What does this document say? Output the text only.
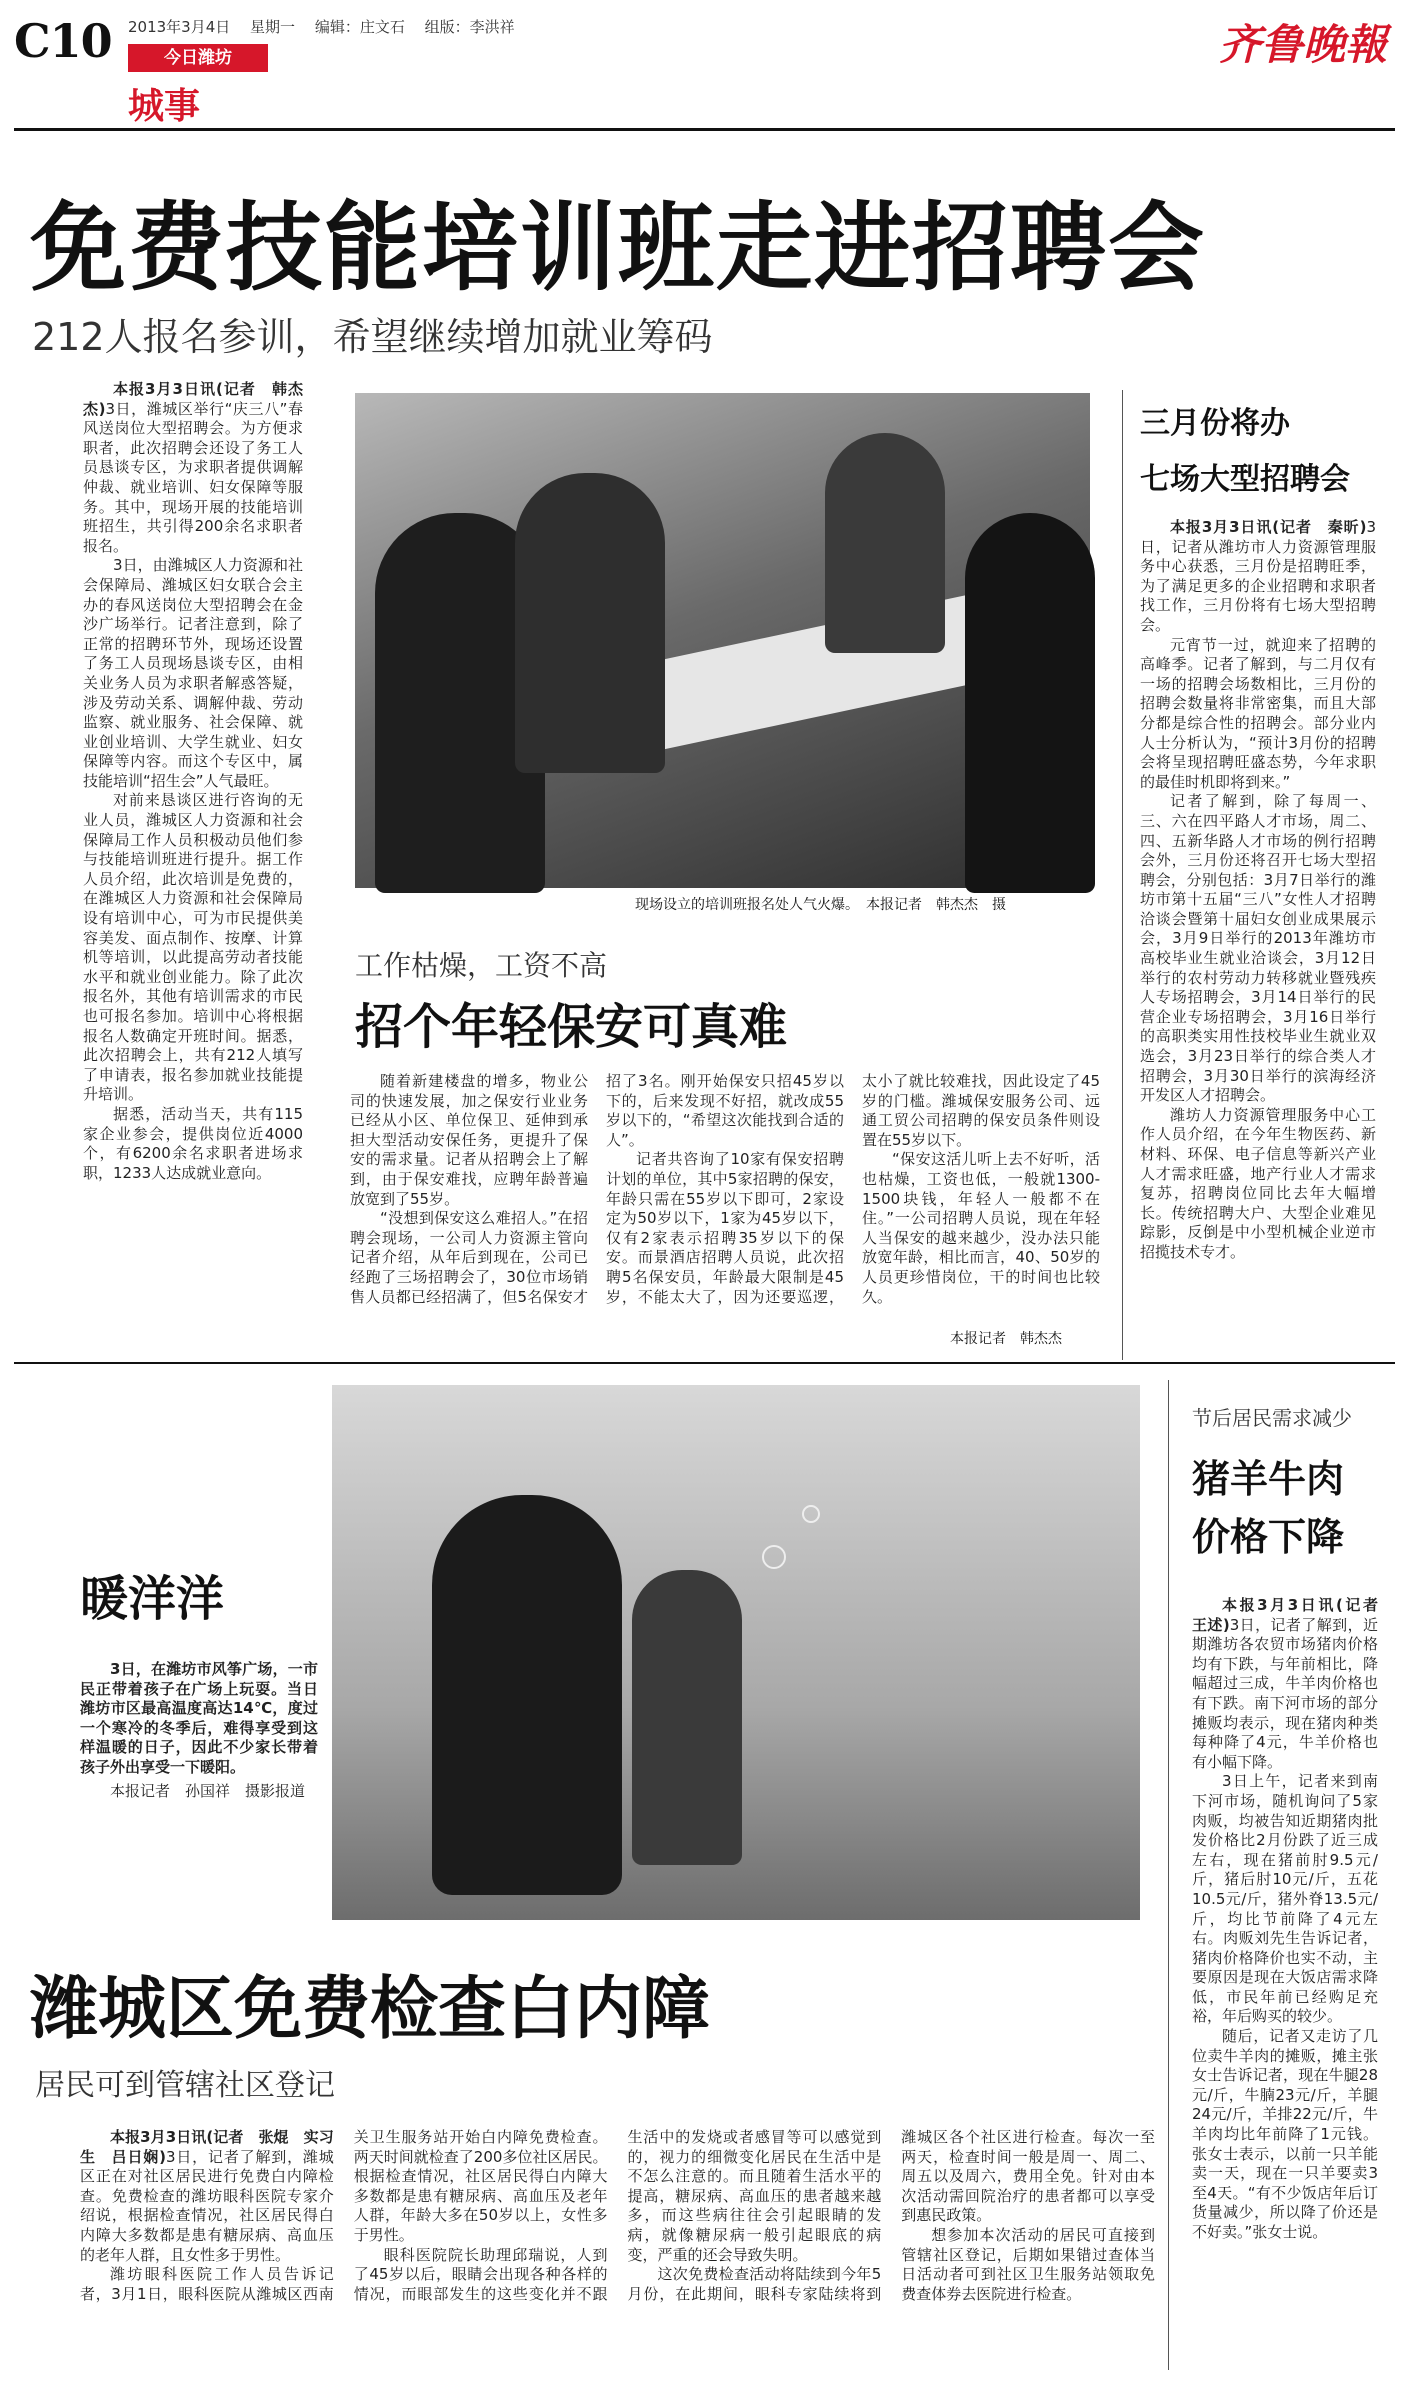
C10 2013年3月4日　 星期一　 编辑：庄文石　 组版：李洪祥
今日潍坊
城事
齐鲁晚報
免费技能培训班走进招聘会
212人报名参训，希望继续增加就业筹码

本报3月3日讯(记者　韩杰杰)3日，潍城区举行“庆三八”春风送岗位大型招聘会。为方便求职者，此次招聘会还设了务工人员恳谈专区，为求职者提供调解仲裁、就业培训、妇女保障等服务。其中，现场开展的技能培训班招生，共引得200余名求职者报名。

3日，由潍城区人力资源和社会保障局、潍城区妇女联合会主办的春风送岗位大型招聘会在金沙广场举行。记者注意到，除了正常的招聘环节外，现场还设置了务工人员现场恳谈专区，由相关业务人员为求职者解惑答疑，涉及劳动关系、调解仲裁、劳动监察、就业服务、社会保障、就业创业培训、大学生就业、妇女保障等内容。而这个专区中，属技能培训“招生会”人气最旺。

对前来恳谈区进行咨询的无业人员，潍城区人力资源和社会保障局工作人员积极动员他们参与技能培训班进行提升。据工作人员介绍，此次培训是免费的，在潍城区人力资源和社会保障局设有培训中心，可为市民提供美容美发、面点制作、按摩、计算机等培训，以此提高劳动者技能水平和就业创业能力。除了此次报名外，其他有培训需求的市民也可报名参加。培训中心将根据报名人数确定开班时间。据悉，此次招聘会上，共有212人填写了申请表，报名参加就业技能提升培训。

据悉，活动当天，共有115家企业参会，提供岗位近4000个，有6200余名求职者进场求职，1233人达成就业意向。

现场设立的培训班报名处人气火爆。　本报记者　韩杰杰　摄
三月份将办
七场大型招聘会

本报3月3日讯(记者　秦昕)3日，记者从潍坊市人力资源管理服务中心获悉，三月份是招聘旺季，为了满足更多的企业招聘和求职者找工作，三月份将有七场大型招聘会。

元宵节一过，就迎来了招聘的高峰季。记者了解到，与二月仅有一场的招聘会场数相比，三月份的招聘会数量将非常密集，而且大部分都是综合性的招聘会。部分业内人士分析认为，“预计3月份的招聘会将呈现招聘旺盛态势，今年求职的最佳时机即将到来。”

记者了解到，除了每周一、三、六在四平路人才市场，周二、四、五新华路人才市场的例行招聘会外，三月份还将召开七场大型招聘会，分别包括：3月7日举行的潍坊市第十五届“三八”女性人才招聘洽谈会暨第十届妇女创业成果展示会，3月9日举行的2013年潍坊市高校毕业生就业洽谈会，3月12日举行的农村劳动力转移就业暨残疾人专场招聘会，3月14日举行的民营企业专场招聘会，3月16日举行的高职类实用性技校毕业生就业双选会，3月23日举行的综合类人才招聘会，3月30日举行的滨海经济开发区人才招聘会。

潍坊人力资源管理服务中心工作人员介绍，在今年生物医药、新材料、环保、电子信息等新兴产业人才需求旺盛，地产行业人才需求复苏，招聘岗位同比去年大幅增长。传统招聘大户、大型企业难见踪影，反倒是中小型机械企业逆市招揽技术专才。

工作枯燥，工资不高
招个年轻保安可真难

随着新建楼盘的增多，物业公司的快速发展，加之保安行业业务已经从小区、单位保卫、延伸到承担大型活动安保任务，更提升了保安的需求量。记者从招聘会上了解到，由于保安难找，应聘年龄普遍放宽到了55岁。

“没想到保安这么难招人。”在招聘会现场，一公司人力资源主管向记者介绍，从年后到现在，公司已经跑了三场招聘会了，30位市场销售人员都已经招满了，但5名保安才招了3名。刚开始保安只招45岁以下的，后来发现不好招，就改成55岁以下的，“希望这次能找到合适的人”。

记者共咨询了10家有保安招聘计划的单位，其中5家招聘的保安，年龄只需在55岁以下即可，2家设定为50岁以下，1家为45岁以下，仅有2家表示招聘35岁以下的保安。而景酒店招聘人员说，此次招聘5名保安员，年龄最大限制是45岁，不能太大了，因为还要巡逻，太小了就比较难找，因此设定了45岁的门槛。潍城保安服务公司、远通工贸公司招聘的保安员条件则设置在55岁以下。

“保安这活儿听上去不好听，活也枯燥，工资也低，一般就1300-1500块钱，年轻人一般都不在住。”一公司招聘人员说，现在年轻人当保安的越来越少，没办法只能放宽年龄，相比而言，40、50岁的人员更珍惜岗位，干的时间也比较久。

本报记者　韩杰杰
暖洋洋

3日，在潍坊市风筝广场，一市民正带着孩子在广场上玩耍。当日潍坊市区最高温度高达14℃，度过一个寒冷的冬季后，难得享受到这样温暖的日子，因此不少家长带着孩子外出享受一下暖阳。

本报记者　孙国祥　摄影报道

节后居民需求减少
猪羊牛肉
价格下降

本报3月3日讯(记者　王述)3日，记者了解到，近期潍坊各农贸市场猪肉价格均有下跌，与年前相比，降幅超过三成，牛羊肉价格也有下跌。南下河市场的部分摊贩均表示，现在猪肉种类每种降了4元，牛羊价格也有小幅下降。

3日上午，记者来到南下河市场，随机询问了5家肉贩，均被告知近期猪肉批发价格比2月份跌了近三成左右，现在猪前肘9.5元/斤，猪后肘10元/斤，五花10.5元/斤，猪外脊13.5元/斤，均比节前降了4元左右。肉贩刘先生告诉记者，猪肉价格降价也实不动，主要原因是现在大饭店需求降低，市民年前已经购足充裕，年后购买的较少。

随后，记者又走访了几位卖牛羊肉的摊贩，摊主张女士告诉记者，现在牛腿28元/斤，牛腩23元/斤，羊腿24元/斤，羊排22元/斤，牛羊肉均比年前降了1元钱。张女士表示，以前一只羊能卖一天，现在一只羊要卖3至4天。“有不少饭店年后订货量减少，所以降了价还是不好卖。”张女士说。

潍城区免费检查白内障
居民可到管辖社区登记

本报3月3日讯(记者　张焜　实习生　吕日娴)3日，记者了解到，潍城区正在对社区居民进行免费白内障检查。免费检查的潍坊眼科医院专家介绍说，根据检查情况，社区居民得白内障大多数都是患有糖尿病、高血压的老年人群，且女性多于男性。

潍坊眼科医院工作人员告诉记者，3月1日，眼科医院从潍城区西南关卫生服务站开始白内障免费检查。两天时间就检查了200多位社区居民。根据检查情况，社区居民得白内障大多数都是患有糖尿病、高血压及老年人群，年龄大多在50岁以上，女性多于男性。

眼科医院院长助理邱瑞说，人到了45岁以后，眼睛会出现各种各样的情况，而眼部发生的这些变化并不跟生活中的发烧或者感冒等可以感觉到的，视力的细微变化居民在生活中是不怎么注意的。而且随着生活水平的提高，糖尿病、高血压的患者越来越多，而这些病往往会引起眼睛的发病，就像糖尿病一般引起眼底的病变，严重的还会导致失明。

这次免费检查活动将陆续到今年5月份，在此期间，眼科专家陆续将到潍城区各个社区进行检查。每次一至两天，检查时间一般是周一、周二、周五以及周六，费用全免。针对由本次活动需回院治疗的患者都可以享受到惠民政策。

想参加本次活动的居民可直接到管辖社区登记，后期如果错过查体当日活动者可到社区卫生服务站领取免费查体券去医院进行检查。
